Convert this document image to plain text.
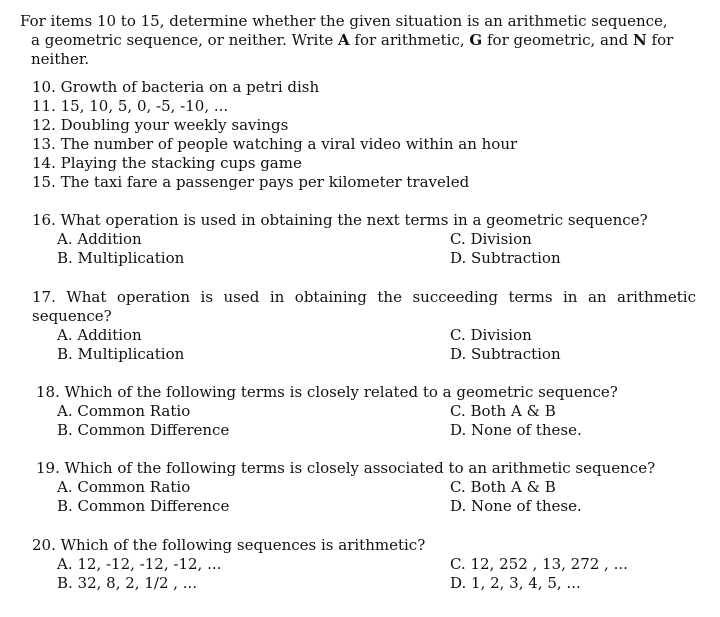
For items 10 to 15, determine whether the given situation is an arithmetic sequence,
a geometric sequence, or neither. Write A for arithmetic, G for geometric, and N for
neither.
10. Growth of bacteria on a petri dish
11. 15, 10, 5, 0, -5, -10, ...
12. Doubling your weekly savings
13. The number of people watching a viral video within an hour
14. Playing the stacking cups game
15. The taxi fare a passenger pays per kilometer traveled
16. What operation is used in obtaining the next terms in a geometric sequence?
A. Addition
B. Multiplication
C. Division
D. Subtraction
17. What operation is used in obtaining the succeeding terms in an arithmetic
sequence?
A. Addition
B. Multiplication
C. Division
D. Subtraction
18. Which of the following terms is closely related to a geometric sequence?
A. Common Ratio
B. Common Difference
C. Both A & B
D. None of these.
19. Which of the following terms is closely associated to an arithmetic sequence?
A. Common Ratio
B. Common Difference
C. Both A & B
D. None of these.
20. Which of the following sequences is arithmetic?
A. 12, -12, -12, -12, ...
B. 32, 8, 2, 1/2 , ...
C. 12, 252 , 13, 272 , ...
D. 1, 2, 3, 4, 5, ...
